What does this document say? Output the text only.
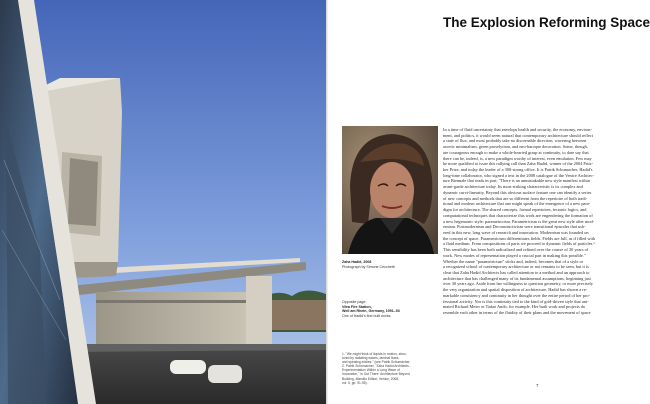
The Explosion Reforming Space
Zaha Hadid, 2008
Photograph by Simone Cecchetti
Opposite page:
Vitra Fire Station,
Weil am Rhein, Germany, 1991–93
One of Hadid's first built works.
1. "We might think of liquids in motion, struc-
tured by radiating waves, laminal flows,
and spiraling eddies." (see Patrik Schumacher,
Z. Patrik Schumacher, "Zaha Hadid Architects -
Experimentation Within a Long Wave of
Innovation," in Out There: Architecture Beyond
Building, Marsilio Editori, Venice, 2008,
vol. 5, pp. 91-95).
In a time of fluid uncertainty that envelops health and security, the economy, environ-
ment, and politics, it would seem natural that contemporary architecture should reflect
a state of flux, and most probably take no discernable direction, wavering between
ascetic minimalism, green proselytism, and neo-baroque decoration. Some, though,
are courageous enough to make a whole-hearted grasp at continuity, to dare say that
there can be, indeed, is, a new paradigm worthy of interest, even emulation. Few may
be more qualified to issue this rallying call than Zaha Hadid, winner of the 2004 Pritz-
ker Prize, and today the leader of a 300-strong office. It is Patrik Schumacher, Hadid's
long-time collaborator, who signed a text in the 2008 catalogue of the Venice Architec-
ture Biennale that reads in part: "There is an unmistakable new style manifest within
avant-garde architecture today. Its most striking characteristic is its complex and
dynamic curvi-linearity. Beyond this obvious surface feature one can identify a series
of new concepts and methods that are so different from the repertoire of both tradi-
tional and modern architecture that one might speak of the emergence of a new para-
digm for architecture. The shared concepts, formal repertoires, tectonic logics, and
computational techniques that characterize this work are engendering the formation of
a new hegemonic style: parametricism. Parametricism is the great new style after mod-
ernism. Postmodernism and Deconstructivism were transitional episodes that ush-
ered in this new, long wave of research and innovation. Modernism was founded on
the concept of space. Parametricism differentiates fields. Fields are full, as if filled with
a fluid medium. From compositions of parts we proceed to dynamic fields of particles.¹
This sensibility has been both radicalized and refined over the course of 30 years of
work. New modes of representation played a crucial part in making this possible."
Whether the name "parametricism" sticks and, indeed, becomes that of a style or
a recognized school of contemporary architecture or not remains to be seen, but it is
clear that Zaha Hadid Architects has called attention to a method and an approach to
architecture that has challenged many of its fundamental assumptions, beginning just
over 30 years ago. Aside from her willingness to question geometry, or more precisely
the very organization and spatial disposition of architecture, Hadid has shown a re-
markable consistency and continuity in her thought over the entire period of her pro-
fessional activity. Nor is this continuity tied to the kind of grid-driven style that ani-
mated Richard Meier or Tadao Ando, for example. Her built work and projects do
resemble each other in terms of the fluidity of their plans and the movement of space
7
